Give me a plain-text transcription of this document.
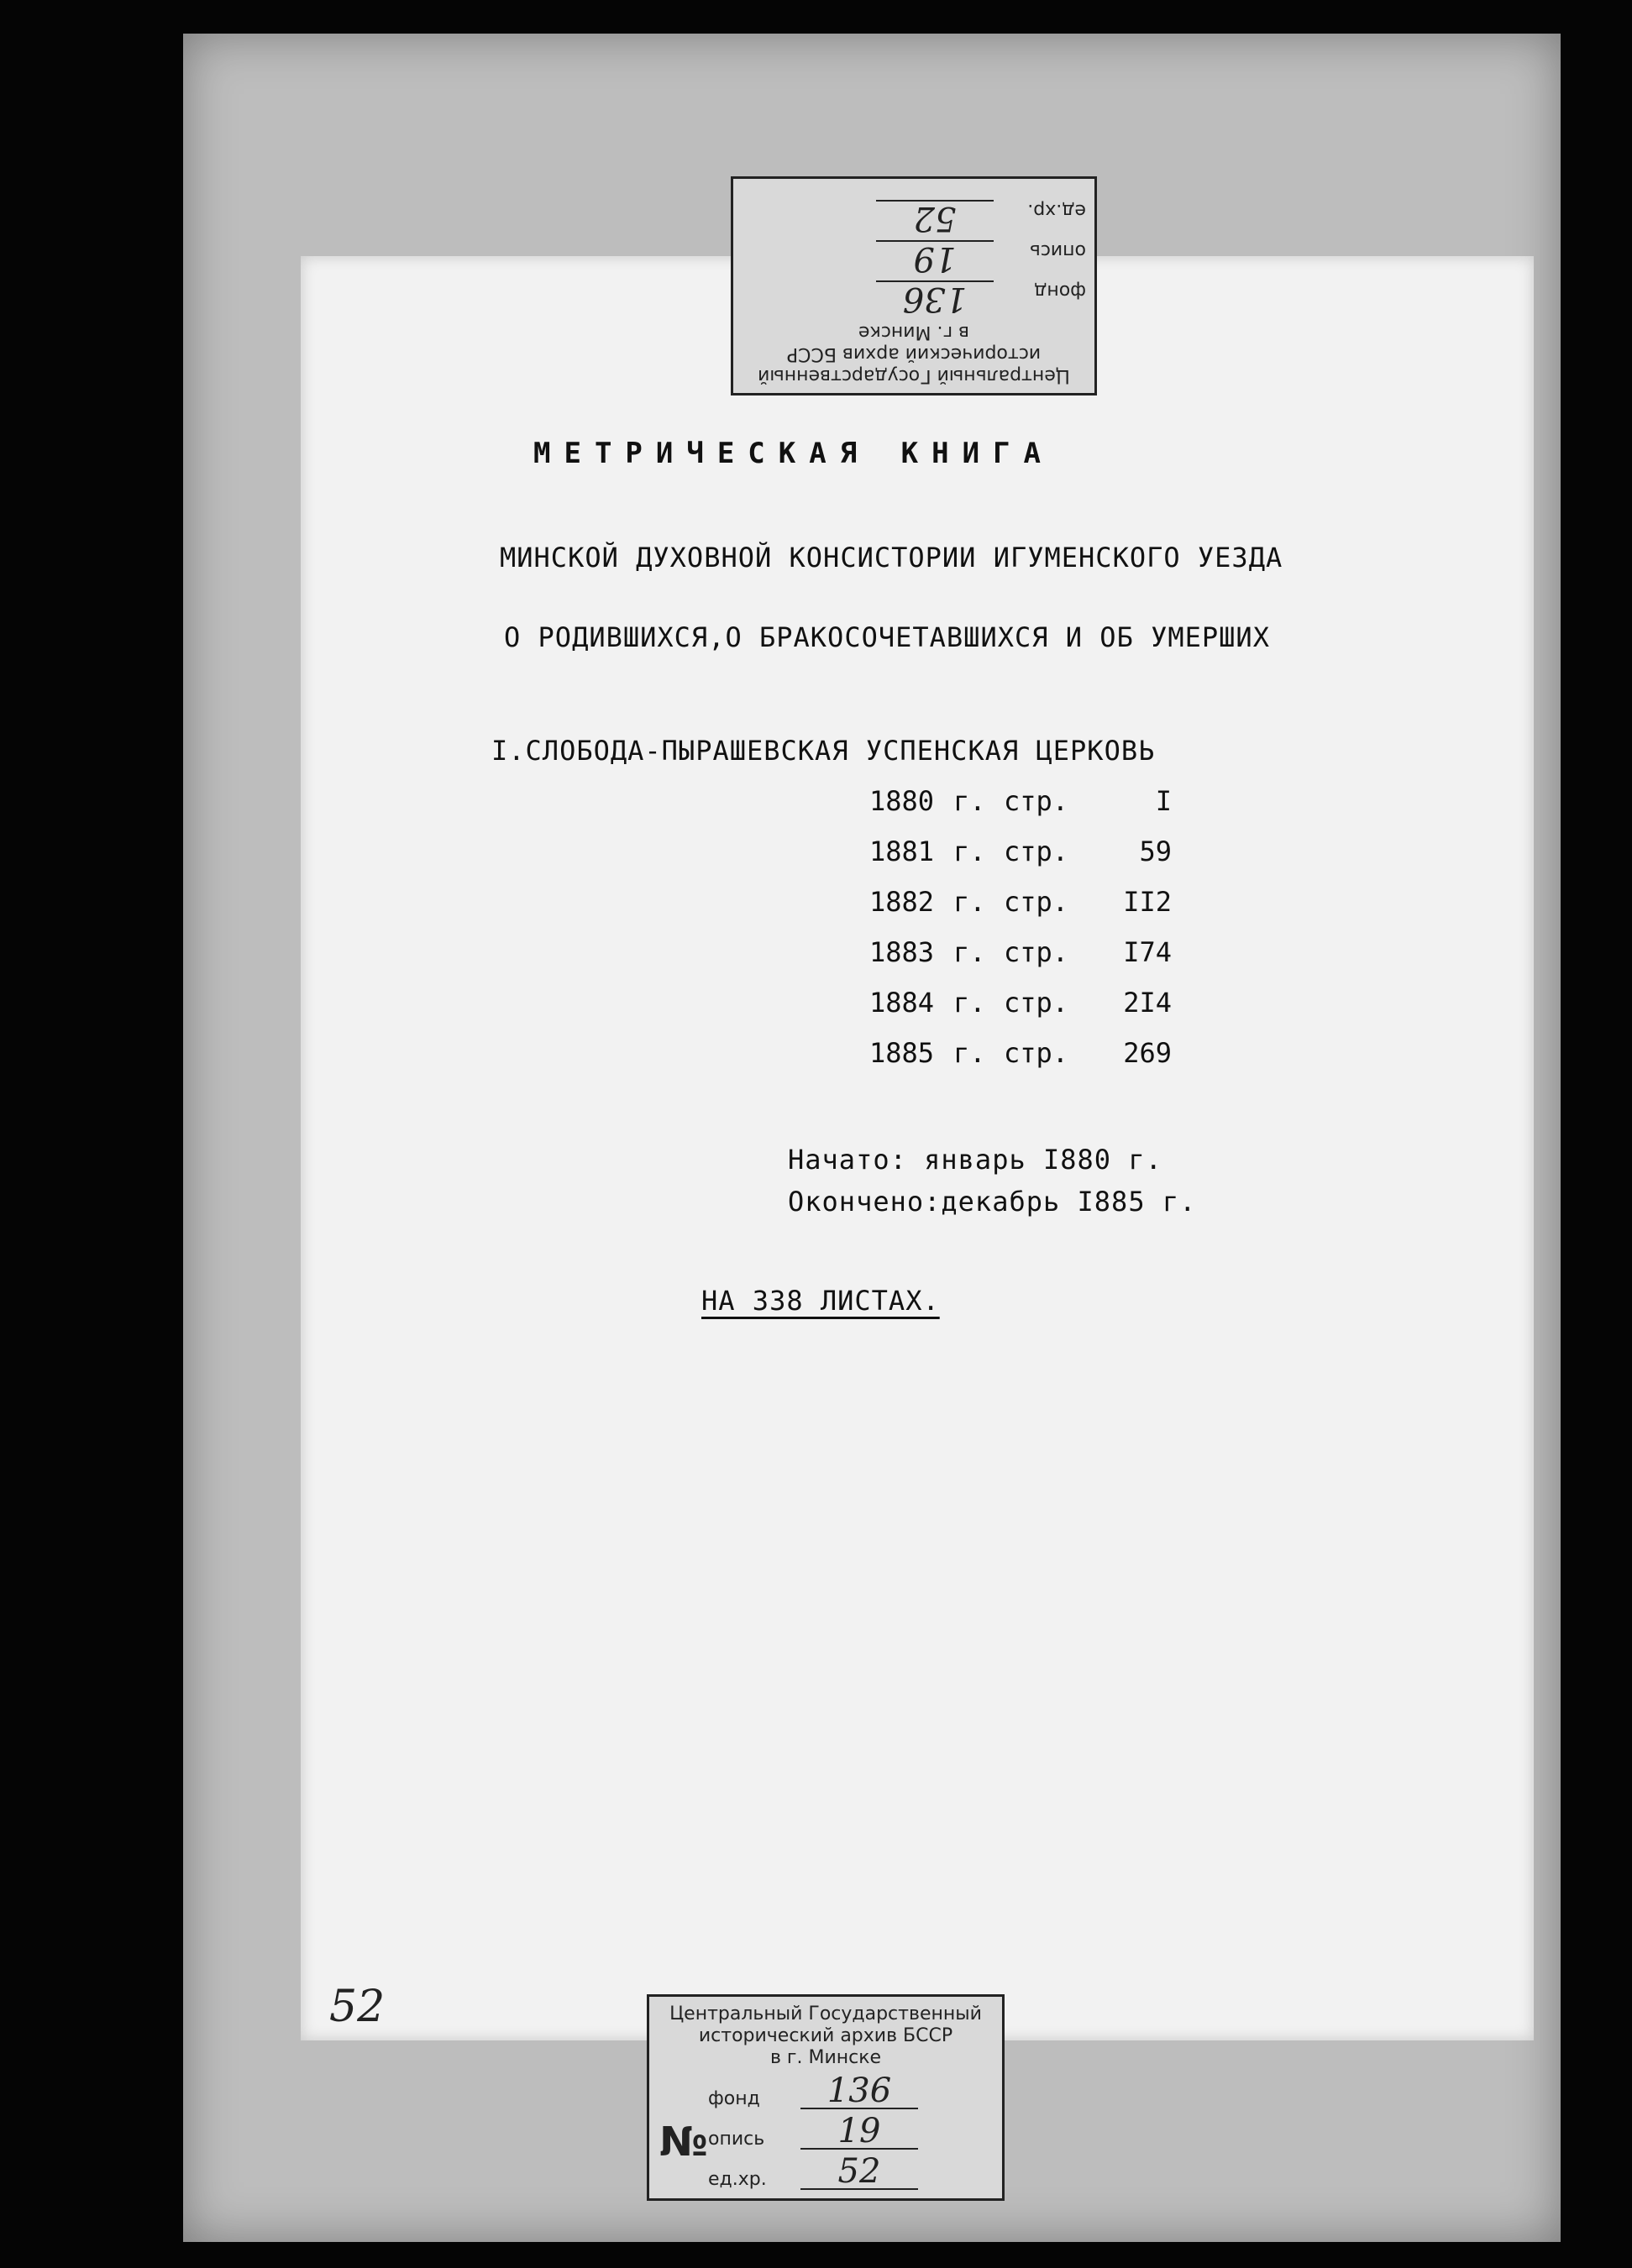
Центральный Государственный
исторический архив БССР
в г. Минске
фонд
136
опись
19
ед.хр.
52
МЕТРИЧЕСКАЯ КНИГА
МИНСКОЙ ДУХОВНОЙ КОНСИСТОРИИ ИГУМЕНСКОГО УЕЗДА
О РОДИВШИХСЯ,О БРАКОСОЧЕТАВШИХСЯ И ОБ УМЕРШИХ
I.СЛОБОДА-ПЫРАШЕВСКАЯ УСПЕНСКАЯ ЦЕРКОВЬ
1880 г. стр.	I
1881 г. стр.	59
1882 г. стр.	II2
1883 г. стр.	I74
1884 г. стр.	2I4
1885 г. стр.	269
Начато: январь I880 г.
Окончено:декабрь I885 г.
НА 338 ЛИСТАХ.
Центральный Государственный
исторический архив БССР
в г. Минске
№
фонд	136
опись	19
ед.хр.	52
52
